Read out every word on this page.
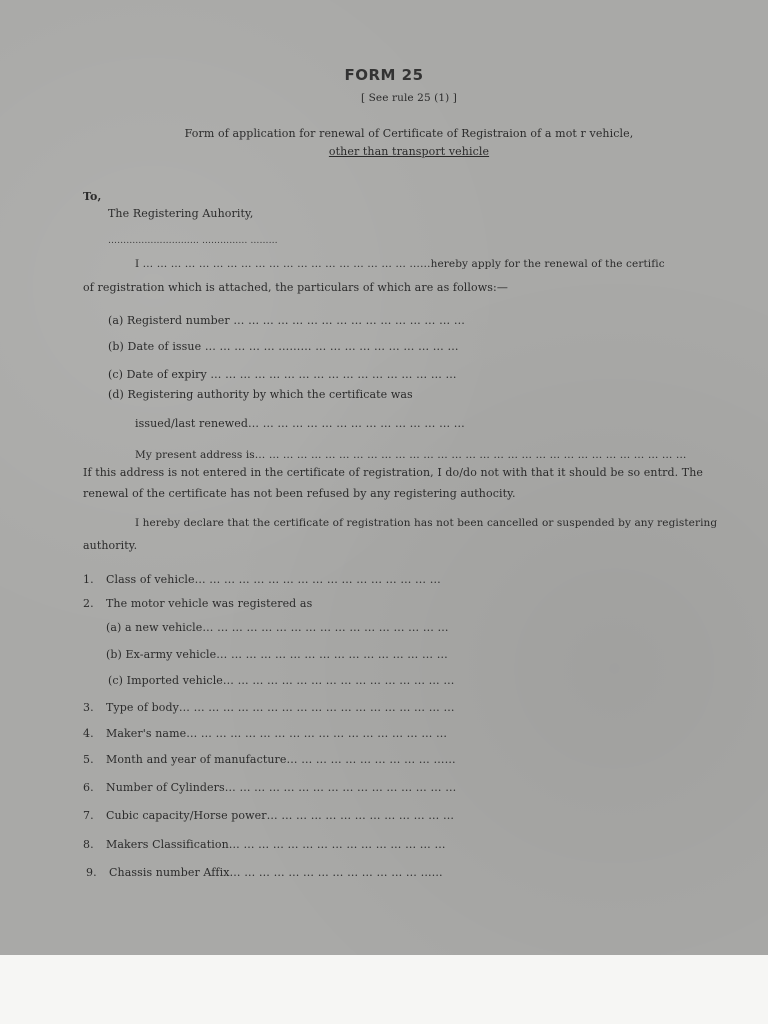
FORM 25
[ See rule 25 (1) ]
Form of application for renewal of Certificate of Registraion of a mot r vehicle,
other than transport vehicle
To,
The Registering Auhority,
………………………… …………… ………
I … … … … … … … … … … … … … … … … … … … ……hereby apply for the renewal of the certific
of registration which is attached, the particulars of which are as follows:—
(a) Registerd number … … … … … … … … … … … … … … … …
(b) Date of issue … … … … … ……… … … … … … … … … … …
(c) Date of expiry … … … … … … … … … … … … … … … … …
(d) Registering authority by which the certificate was
issued/last renewed… … … … … … … … … … … … … … …
My present address is… … … … … … … … … … … … … … … … … … … … … … … … … … … … … … …
If this address is not entered in the certificate of registration, I do/do not with that it should be so entrd. The
renewal of the certificate has not been refused by any registering authocity.
I hereby declare that the certificate of registration has not been cancelled or suspended by any registering
authority.
1. Class of vehicle… … … … … … … … … … … … … … … … …
2. The motor vehicle was registered as
(a) a new vehicle… … … … … … … … … … … … … … … … …
(b) Ex-army vehicle… … … … … … … … … … … … … … … …
(c) Imported vehicle… … … … … … … … … … … … … … … …
3. Type of body… … … … … … … … … … … … … … … … … … …
4. Maker's name… … … … … … … … … … … … … … … … … …
5. Month and year of manufacture… … … … … … … … … … ……
6. Number of Cylinders… … … … … … … … … … … … … … … …
7. Cubic capacity/Horse power… … … … … … … … … … … … …
8. Makers Classification… … … … … … … … … … … … … … …
9. Chassis number Affix… … … … … … … … … … … … … ……
